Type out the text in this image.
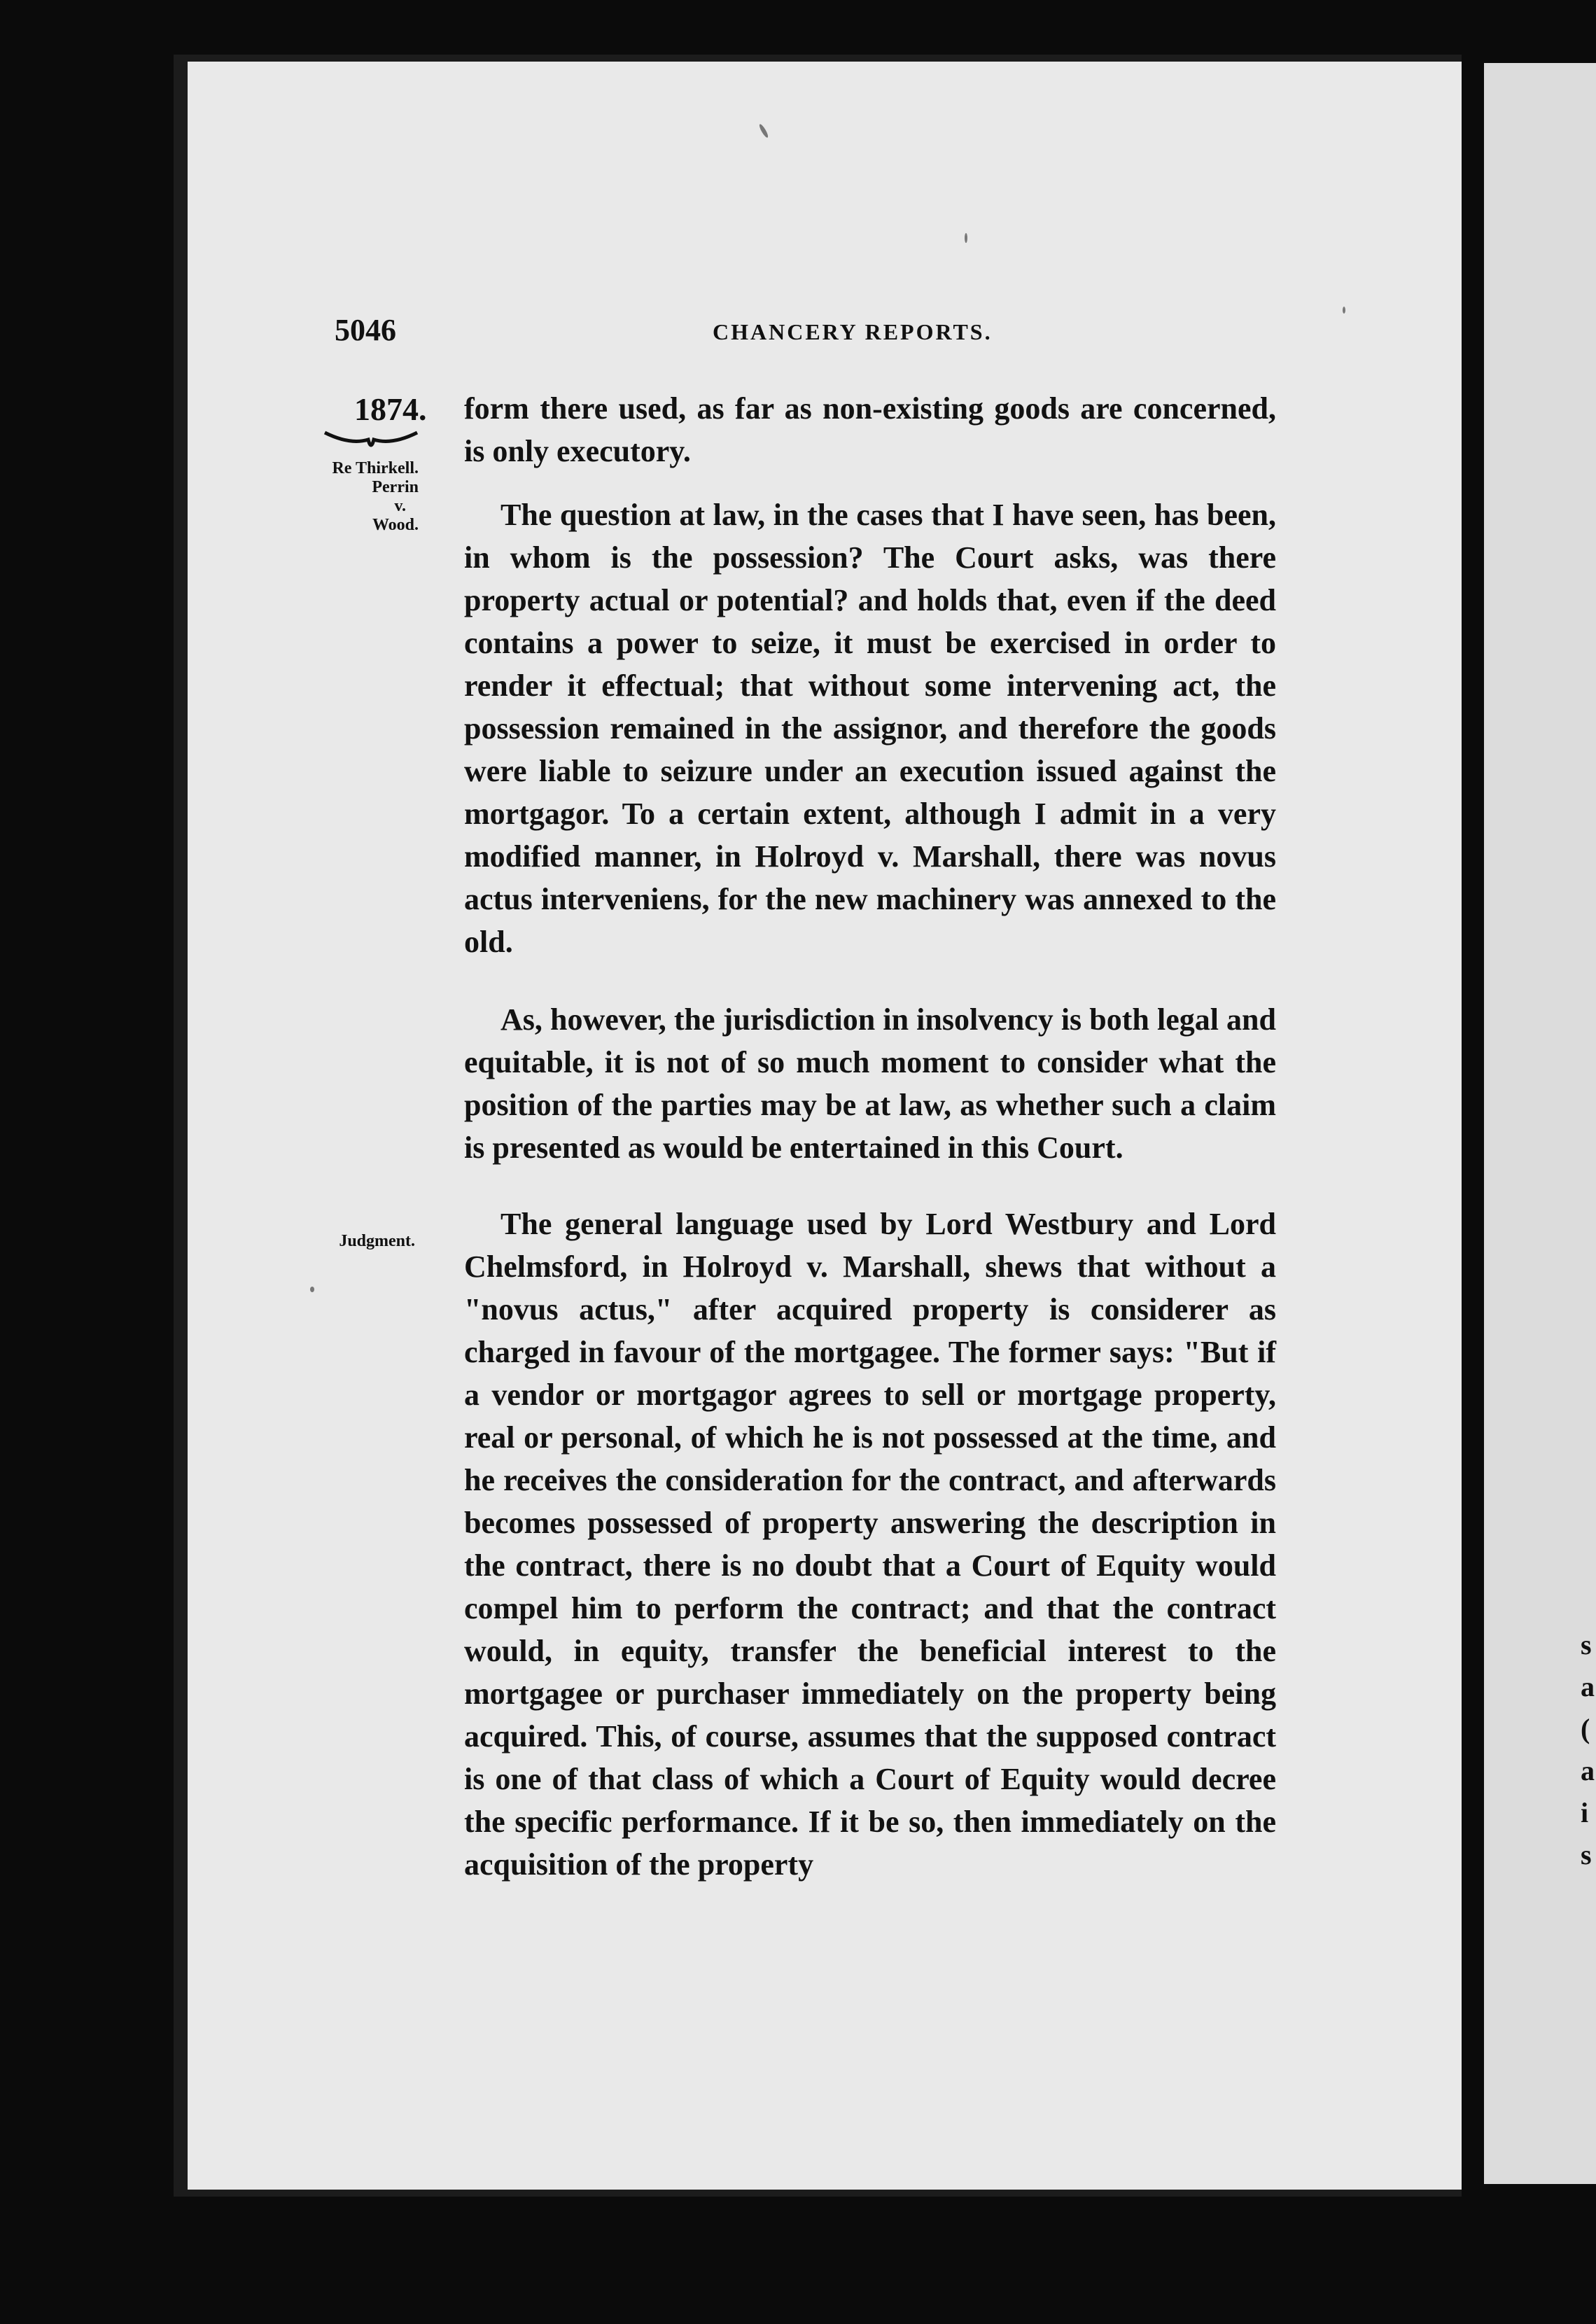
s
a
(
a
i
s
5046	CHANCERY REPORTS.
1874.
Re Thirkell.
Perrin
v.
Wood.
Judgment.

form there used, as far as non-existing goods are concerned, is only executory.

The question at law, in the cases that I have seen, has been, in whom is the possession? The Court asks, was there property actual or potential? and holds that, even if the deed contains a power to seize, it must be exercised in order to render it effectual; that without some intervening act, the possession remained in the assignor, and therefore the goods were liable to seizure under an execution issued against the mortgagor. To a certain extent, although I admit in a very modified manner, in Holroyd v. Marshall, there was novus actus interveniens, for the new machinery was annexed to the old.

As, however, the jurisdiction in insolvency is both legal and equitable, it is not of so much moment to consider what the position of the parties may be at law, as whether such a claim is presented as would be entertained in this Court.

The general language used by Lord Westbury and Lord Chelmsford, in Holroyd v. Marshall, shews that without a "novus actus," after acquired property is considerer as charged in favour of the mortgagee. The former says: "But if a vendor or mortgagor agrees to sell or mortgage property, real or personal, of which he is not possessed at the time, and he receives the consideration for the contract, and afterwards becomes possessed of property answering the description in the contract, there is no doubt that a Court of Equity would compel him to perform the contract; and that the contract would, in equity, transfer the beneficial interest to the mortgagee or purchaser immediately on the property being acquired. This, of course, assumes that the supposed contract is one of that class of which a Court of Equity would decree the specific performance. If it be so, then immediately on the acquisition of the property
